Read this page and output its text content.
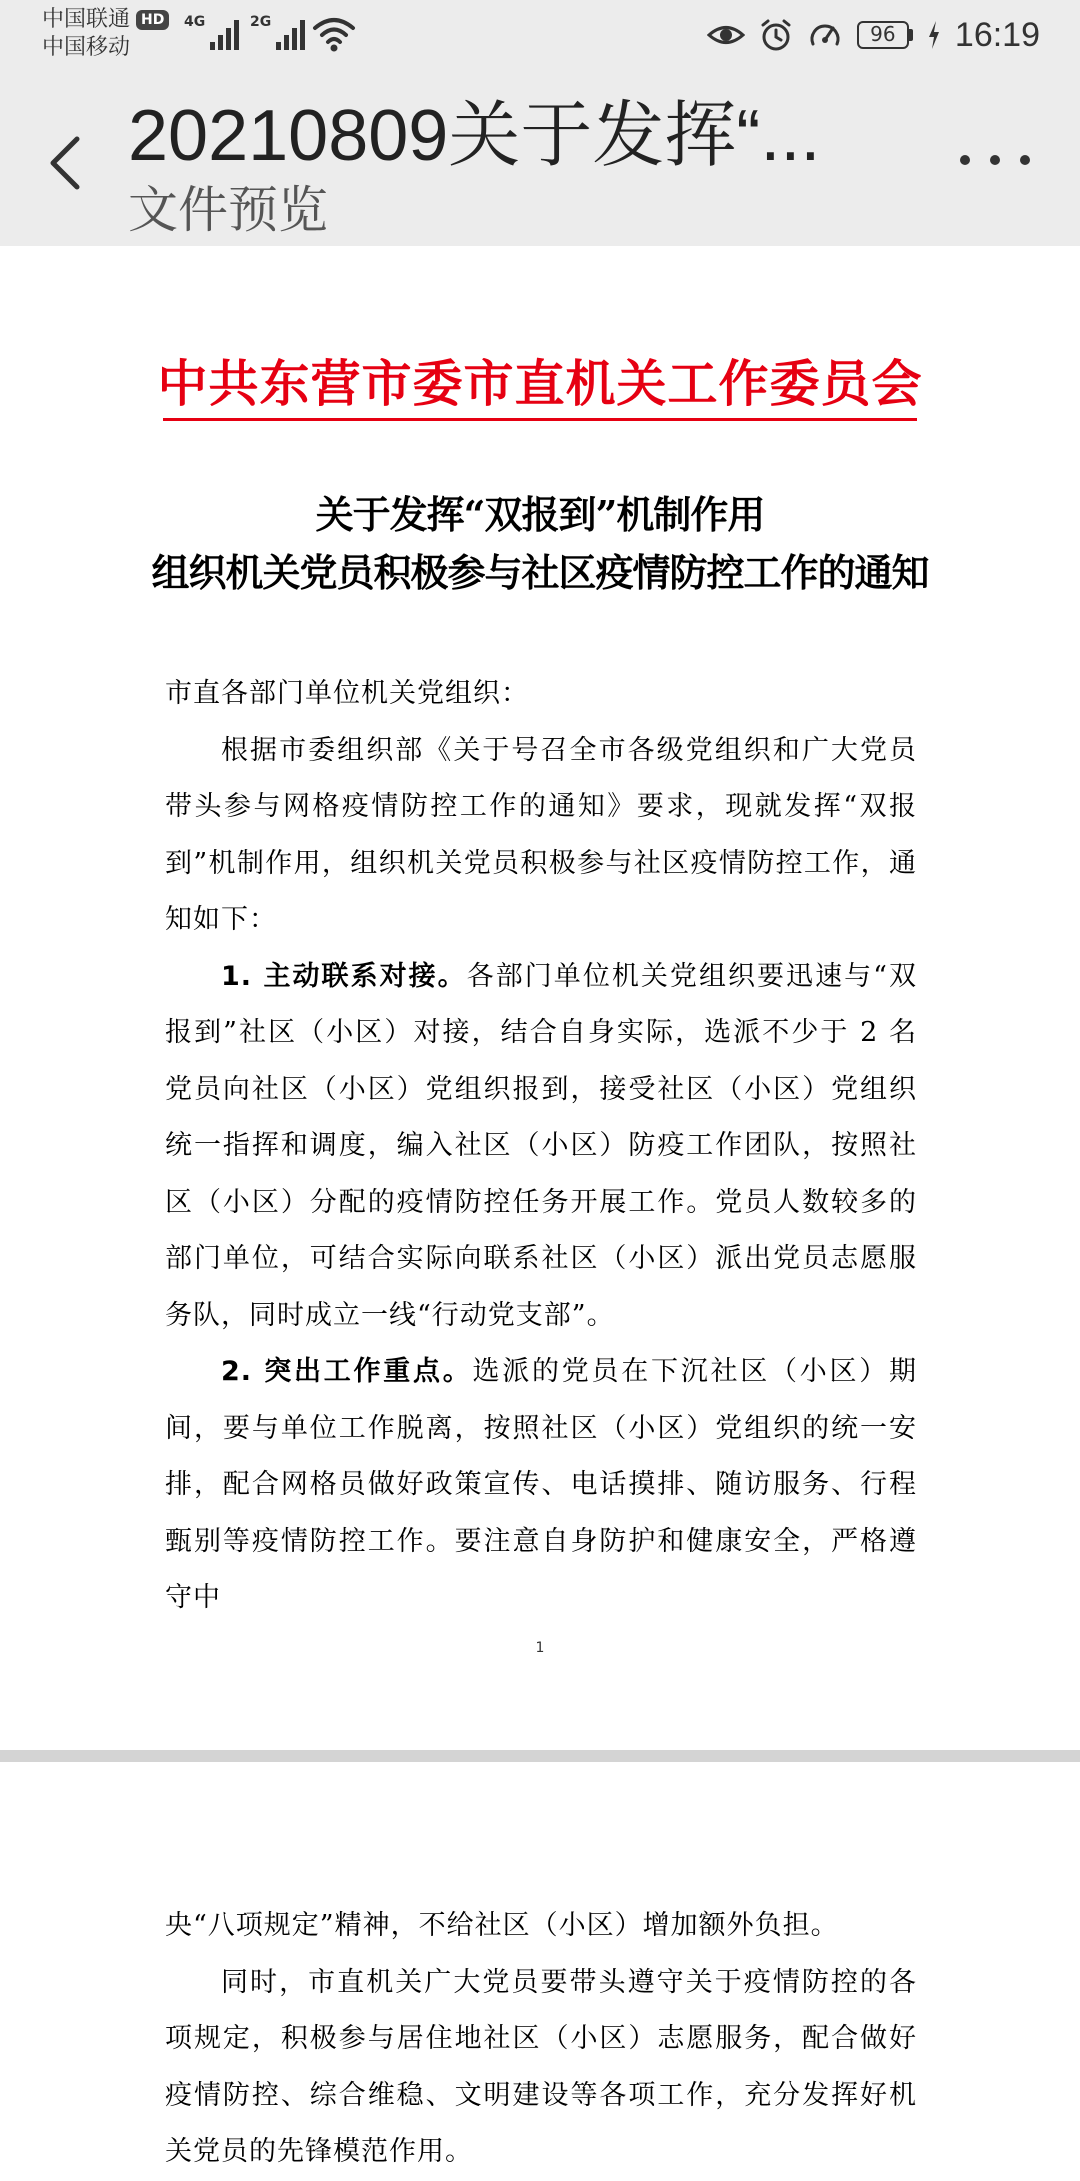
中国联通 HD
中国移动
4G	2G	96	16:19
20210809关于发挥“...
文件预览
中共东营市委市直机关工作委员会
关于发挥“双报到”机制作用
组织机关党员积极参与社区疫情防控工作的通知

市直各部门单位机关党组织：

根据市委组织部《关于号召全市各级党组织和广大党员带头参与网格疫情防控工作的通知》要求，现就发挥“双报到”机制作用，组织机关党员积极参与社区疫情防控工作，通知如下：

1. 主动联系对接。各部门单位机关党组织要迅速与“双报到”社区（小区）对接，结合自身实际，选派不少于 2 名党员向社区（小区）党组织报到，接受社区（小区）党组织统一指挥和调度，编入社区（小区）防疫工作团队，按照社区（小区）分配的疫情防控任务开展工作。党员人数较多的部门单位，可结合实际向联系社区（小区）派出党员志愿服务队，同时成立一线“行动党支部”。

2. 突出工作重点。选派的党员在下沉社区（小区）期间，要与单位工作脱离，按照社区（小区）党组织的统一安排，配合网格员做好政策宣传、电话摸排、随访服务、行程甄别等疫情防控工作。要注意自身防护和健康安全，严格遵守中

1

央“八项规定”精神，不给社区（小区）增加额外负担。

同时，市直机关广大党员要带头遵守关于疫情防控的各项规定，积极参与居住地社区（小区）志愿服务，配合做好疫情防控、综合维稳、文明建设等各项工作，充分发挥好机关党员的先锋模范作用。
